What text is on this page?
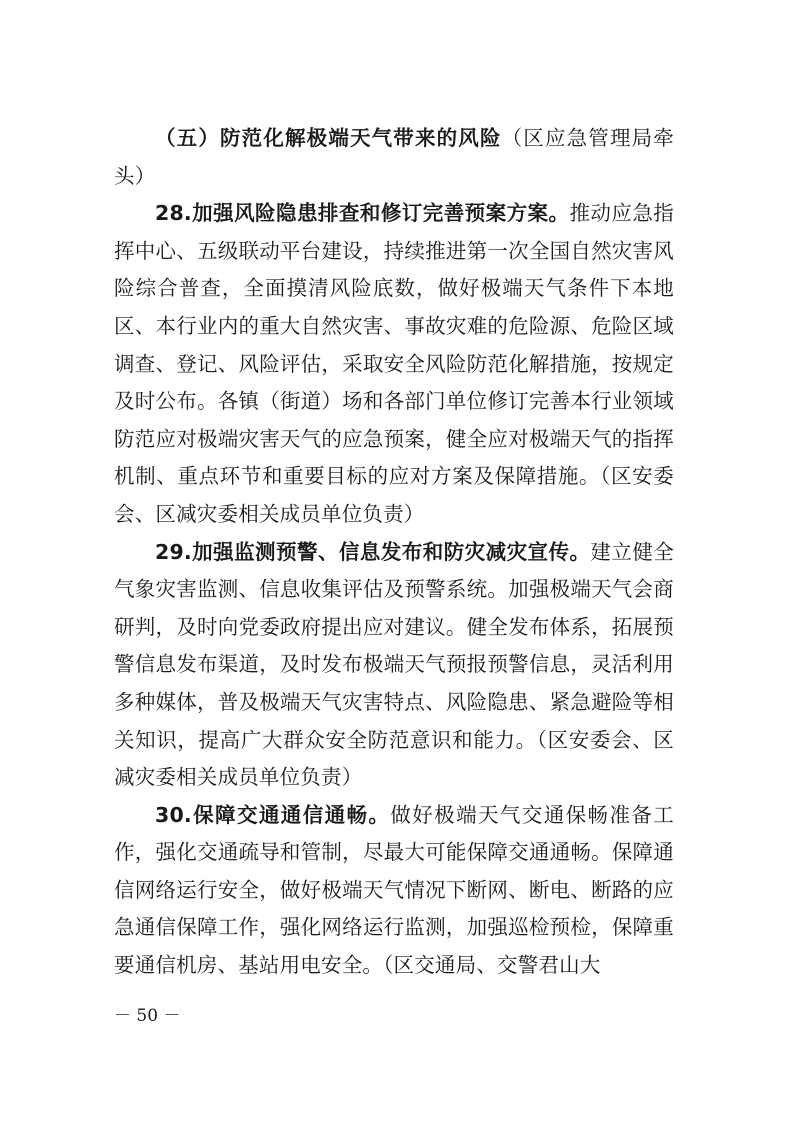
（五）防范化解极端天气带来的风险（区应急管理局牵头）

28.加强风险隐患排查和修订完善预案方案。推动应急指挥中心、五级联动平台建设，持续推进第一次全国自然灾害风险综合普查，全面摸清风险底数，做好极端天气条件下本地区、本行业内的重大自然灾害、事故灾难的危险源、危险区域调查、登记、风险评估，采取安全风险防范化解措施，按规定及时公布。各镇（街道）场和各部门单位修订完善本行业领域防范应对极端灾害天气的应急预案，健全应对极端天气的指挥机制、重点环节和重要目标的应对方案及保障措施。（区安委会、区减灾委相关成员单位负责）

29.加强监测预警、信息发布和防灾减灾宣传。建立健全气象灾害监测、信息收集评估及预警系统。加强极端天气会商研判，及时向党委政府提出应对建议。健全发布体系，拓展预警信息发布渠道，及时发布极端天气预报预警信息，灵活利用多种媒体，普及极端天气灾害特点、风险隐患、紧急避险等相关知识，提高广大群众安全防范意识和能力。（区安委会、区减灾委相关成员单位负责）

30.保障交通通信通畅。做好极端天气交通保畅准备工作，强化交通疏导和管制，尽最大可能保障交通通畅。保障通信网络运行安全，做好极端天气情况下断网、断电、断路的应急通信保障工作，强化网络运行监测，加强巡检预检，保障重要通信机房、基站用电安全。（区交通局、交警君山大

－ 50 －
